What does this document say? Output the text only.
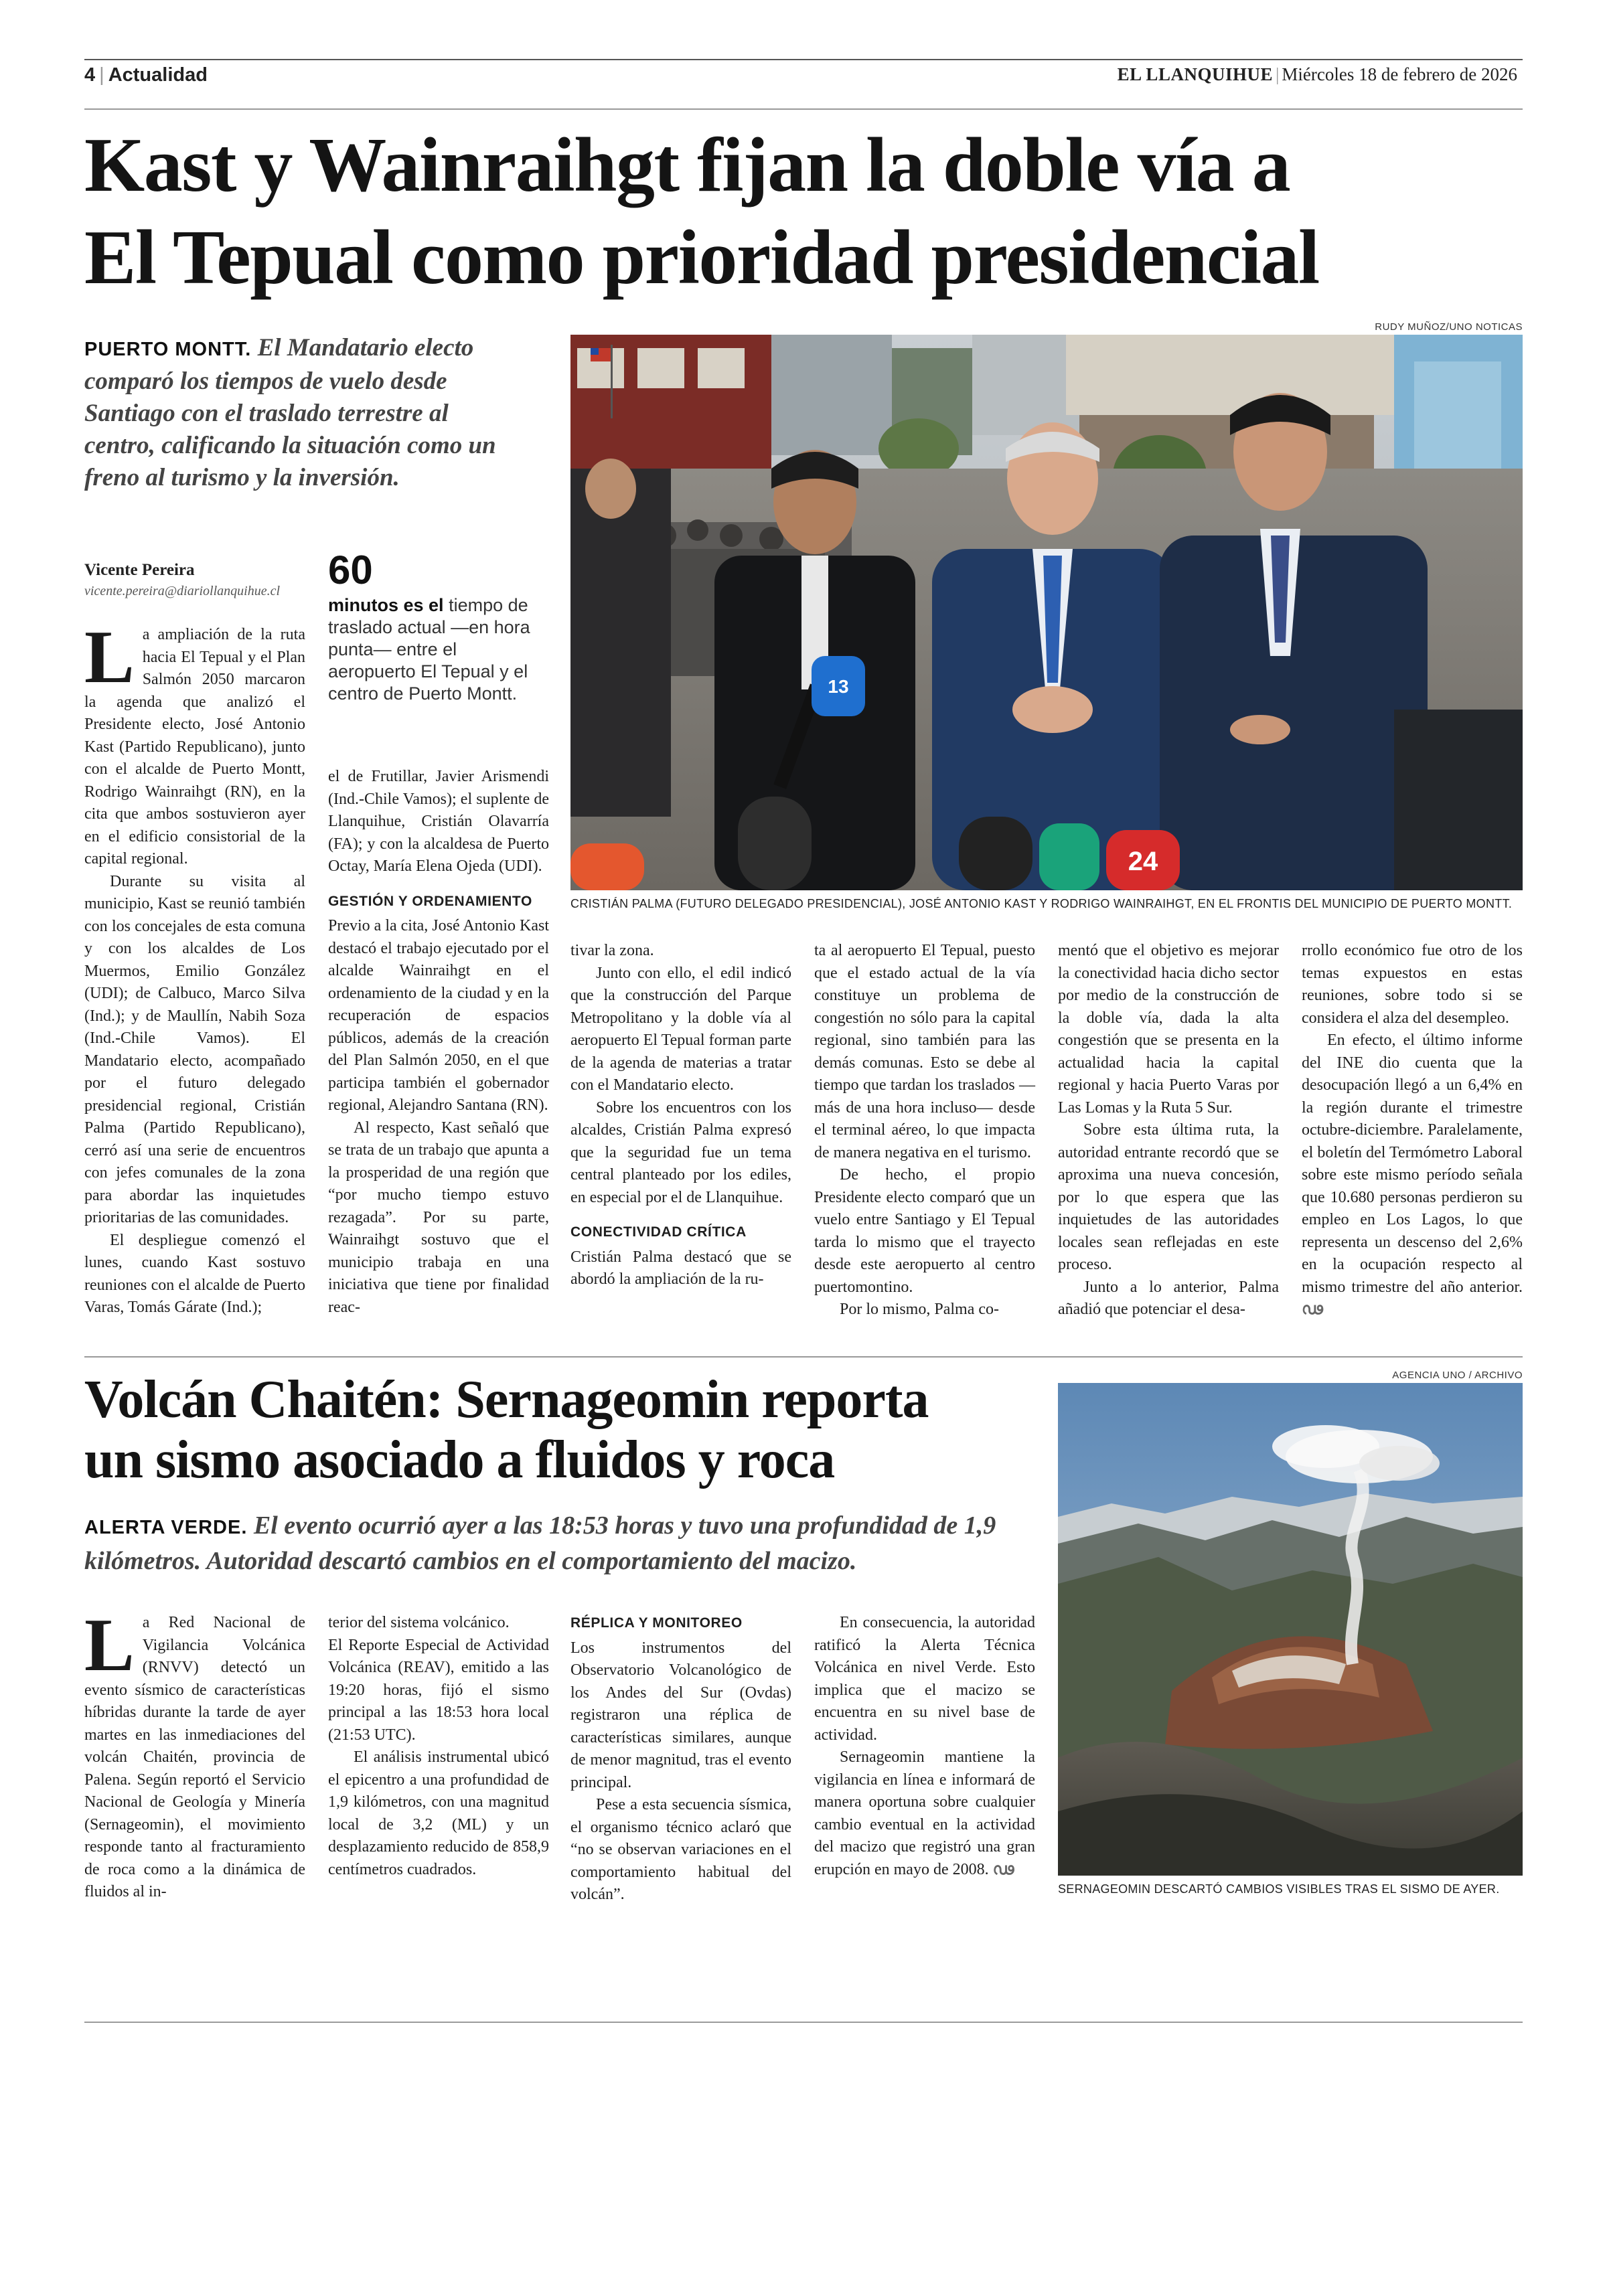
4 | Actualidad	EL LLANQUIHUE | Miércoles 18 de febrero de 2026
Kast y Wainraihgt fijan la doble vía a
El Tepual como prioridad presidencial
PUERTO MONTT. El Mandatario electo comparó los tiempos de vuelo desde Santiago con el traslado terrestre al centro, calificando la situación como un freno al turismo y la inversión.
RUDY MUÑOZ/UNO NOTICAS
13
24
CRISTIÁN PALMA (FUTURO DELEGADO PRESIDENCIAL), JOSÉ ANTONIO KAST Y RODRIGO WAINRAIHGT, EN EL FRONTIS DEL MUNICIPIO DE PUERTO MONTT.
Vicente Pereira
vicente.pereira@diariollanquihue.cl	60
minutos es el tiempo de traslado actual —en hora punta— entre el aeropuerto El Tepual y el centro de Puerto Montt.

La ampliación de la ruta hacia El Tepual y el Plan Salmón 2050 marcaron la agenda que analizó el Presidente electo, José Antonio Kast (Partido Republicano), junto con el alcalde de Puerto Montt, Rodrigo Wainraihgt (RN), en la cita que ambos sostuvieron ayer en el edificio consistorial de la capital regional.

Durante su visita al municipio, Kast se reunió también con los concejales de esta comuna y con los alcaldes de Los Muermos, Emilio González (UDI); de Calbuco, Marco Silva (Ind.); y de Maullín, Nabih Soza (Ind.-Chile Vamos). El Mandatario electo, acompañado por el futuro delegado presidencial regional, Cristián Palma (Partido Republicano), cerró así una serie de encuentros con jefes comunales de la zona para abordar las inquietudes prioritarias de las comunidades.

El despliegue comenzó el lunes, cuando Kast sostuvo reuniones con el alcalde de Puerto Varas, Tomás Gárate (Ind.);

el de Frutillar, Javier Arismendi (Ind.-Chile Vamos); el suplente de Llanquihue, Cristián Olavarría (FA); y con la alcaldesa de Puerto Octay, María Elena Ojeda (UDI).

GESTIÓN Y ORDENAMIENTO

Previo a la cita, José Antonio Kast destacó el trabajo ejecutado por el alcalde Wainraihgt en el ordenamiento de la ciudad y en la recuperación de espacios públicos, además de la creación del Plan Salmón 2050, en el que participa también el gobernador regional, Alejandro Santana (RN).

Al respecto, Kast señaló que se trata de un trabajo que apunta a la prosperidad de una región que “por mucho tiempo estuvo rezagada”. Por su parte, Wainraihgt sostuvo que el municipio trabaja en una iniciativa que tiene por finalidad reac-

tivar la zona.

Junto con ello, el edil indicó que la construcción del Parque Metropolitano y la doble vía al aeropuerto El Tepual forman parte de la agenda de materias a tratar con el Mandatario electo.

Sobre los encuentros con los alcaldes, Cristián Palma expresó que la seguridad fue un tema central planteado por los ediles, en especial por el de Llanquihue.

CONECTIVIDAD CRÍTICA

Cristián Palma destacó que se abordó la ampliación de la ru-

ta al aeropuerto El Tepual, puesto que el estado actual de la vía constituye un problema de congestión no sólo para la capital regional, sino también para las demás comunas. Esto se debe al tiempo que tardan los traslados —más de una hora incluso— desde el terminal aéreo, lo que impacta de manera negativa en el turismo.

De hecho, el propio Presidente electo comparó que un vuelo entre Santiago y El Tepual tarda lo mismo que el trayecto desde este aeropuerto al centro puertomontino.

Por lo mismo, Palma co-

mentó que el objetivo es mejorar la conectividad hacia dicho sector por medio de la construcción de la doble vía, dada la alta congestión que se presenta en la actualidad hacia la capital regional y hacia Puerto Varas por Las Lomas y la Ruta 5 Sur.

Sobre esta última ruta, la autoridad entrante recordó que se aproxima una nueva concesión, por lo que espera que las inquietudes de las autoridades locales sean reflejadas en este proceso.

Junto a lo anterior, Palma añadió que potenciar el desa-

rrollo económico fue otro de los temas expuestos en estas reuniones, sobre todo si se considera el alza del desempleo.

En efecto, el último informe del INE dio cuenta que la desocupación llegó a un 6,4% en la región durante el trimestre octubre-diciembre. Paralelamente, el boletín del Termómetro Laboral sobre este mismo período señala que 10.680 personas perdieron su empleo en Los Lagos, lo que representa un descenso del 2,6% en la ocupación respecto al mismo trimestre del año anterior. ഢ

Volcán Chaitén: Sernageomin reporta
un sismo asociado a fluidos y roca
ALERTA VERDE. El evento ocurrió ayer a las 18:53 horas y tuvo una profundidad de 1,9 kilómetros. Autoridad descartó cambios en el comportamiento del macizo.
AGENCIA UNO / ARCHIVO
SERNAGEOMIN DESCARTÓ CAMBIOS VISIBLES TRAS EL SISMO DE AYER.

La Red Nacional de Vigilancia Volcánica (RNVV) detectó un evento sísmico de características híbridas durante la tarde de ayer martes en las inmediaciones del volcán Chaitén, provincia de Palena. Según reportó el Servicio Nacional de Geología y Minería (Sernageomin), el movimiento responde tanto al fracturamiento de roca como a la dinámica de fluidos al in-

terior del sistema volcánico.

El Reporte Especial de Actividad Volcánica (REAV), emitido a las 19:20 horas, fijó el sismo principal a las 18:53 hora local (21:53 UTC).

El análisis instrumental ubicó el epicentro a una profundidad de 1,9 kilómetros, con una magnitud local de 3,2 (ML) y un desplazamiento reducido de 858,9 centímetros cuadrados.

RÉPLICA Y MONITOREO

Los instrumentos del Observatorio Volcanológico de los Andes del Sur (Ovdas) registraron una réplica de características similares, aunque de menor magnitud, tras el evento principal.

Pese a esta secuencia sísmica, el organismo técnico aclaró que “no se observan variaciones en el comportamiento habitual del volcán”.

En consecuencia, la autoridad ratificó la Alerta Técnica Volcánica en nivel Verde. Esto implica que el macizo se encuentra en su nivel base de actividad.

Sernageomin mantiene la vigilancia en línea e informará de manera oportuna sobre cualquier cambio eventual en la actividad del macizo que registró una gran erupción en mayo de 2008. ഢ
